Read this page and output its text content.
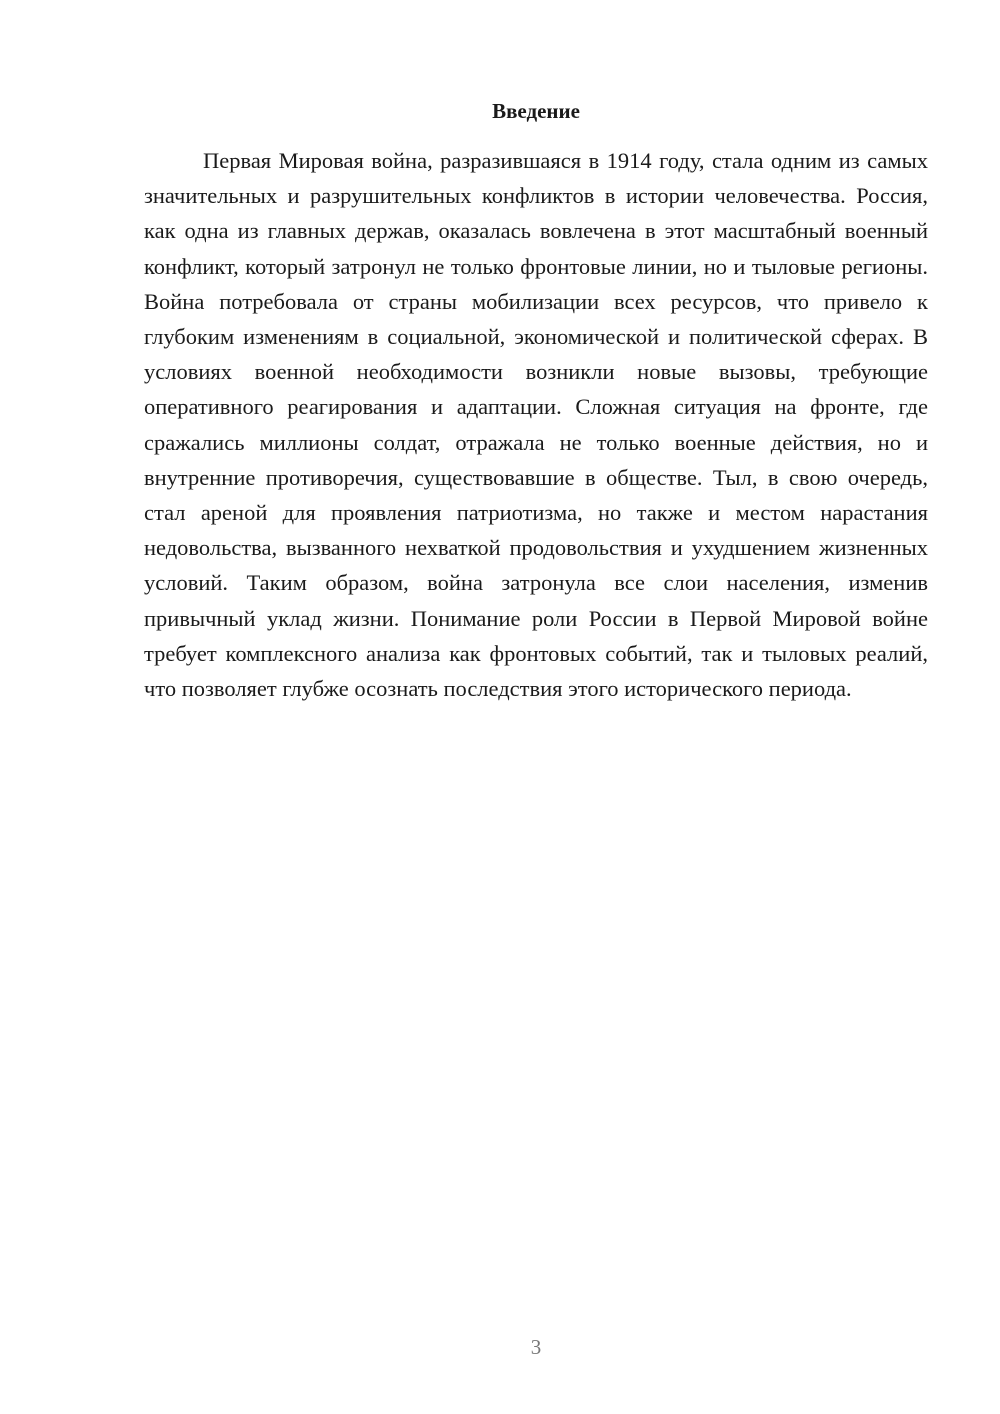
Введение

Первая Мировая война, разразившаяся в 1914 году, стала одним из самых значительных и разрушительных конфликтов в истории человечества. Россия, как одна из главных держав, оказалась вовлечена в этот масштабный военный конфликт, который затронул не только фронтовые линии, но и тыловые регионы. Война потребовала от страны мобилизации всех ресурсов, что привело к глубоким изменениям в социальной, экономической и политической сферах. В условиях военной необходимости возникли новые вызовы, требующие оперативного реагирования и адаптации. Сложная ситуация на фронте, где сражались миллионы солдат, отражала не только военные действия, но и внутренние противоречия, существовавшие в обществе. Тыл, в свою очередь, стал ареной для проявления патриотизма, но также и местом нарастания недовольства, вызванного нехваткой продовольствия и ухудшением жизненных условий. Таким образом, война затронула все слои населения, изменив привычный уклад жизни. Понимание роли России в Первой Мировой войне требует комплексного анализа как фронтовых событий, так и тыловых реалий, что позволяет глубже осознать последствия этого исторического периода.

3
